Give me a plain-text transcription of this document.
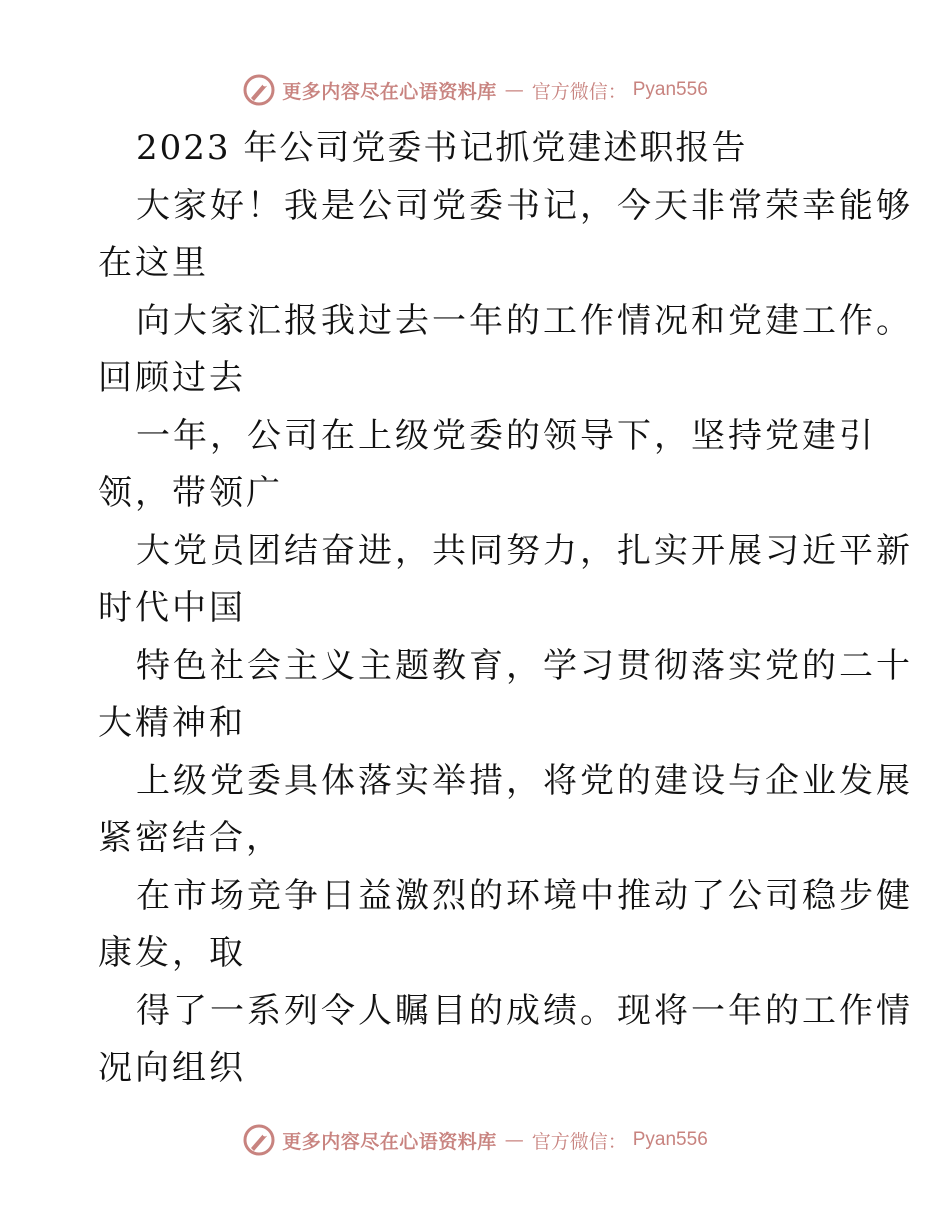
更多内容尽在心语资料库 — 官方微信： Pyan556
2023 年公司党委书记抓党建述职报告
大家好！我是公司党委书记，今天非常荣幸能够
在这里
向大家汇报我过去一年的工作情况和党建工作。
回顾过去
一年，公司在上级党委的领导下，坚持党建引
领，带领广
大党员团结奋进，共同努力，扎实开展习近平新
时代中国
特色社会主义主题教育，学习贯彻落实党的二十
大精神和
上级党委具体落实举措，将党的建设与企业发展
紧密结合，
在市场竞争日益激烈的环境中推动了公司稳步健
康发，取
得了一系列令人瞩目的成绩。现将一年的工作情
况向组织
更多内容尽在心语资料库 — 官方微信： Pyan556
